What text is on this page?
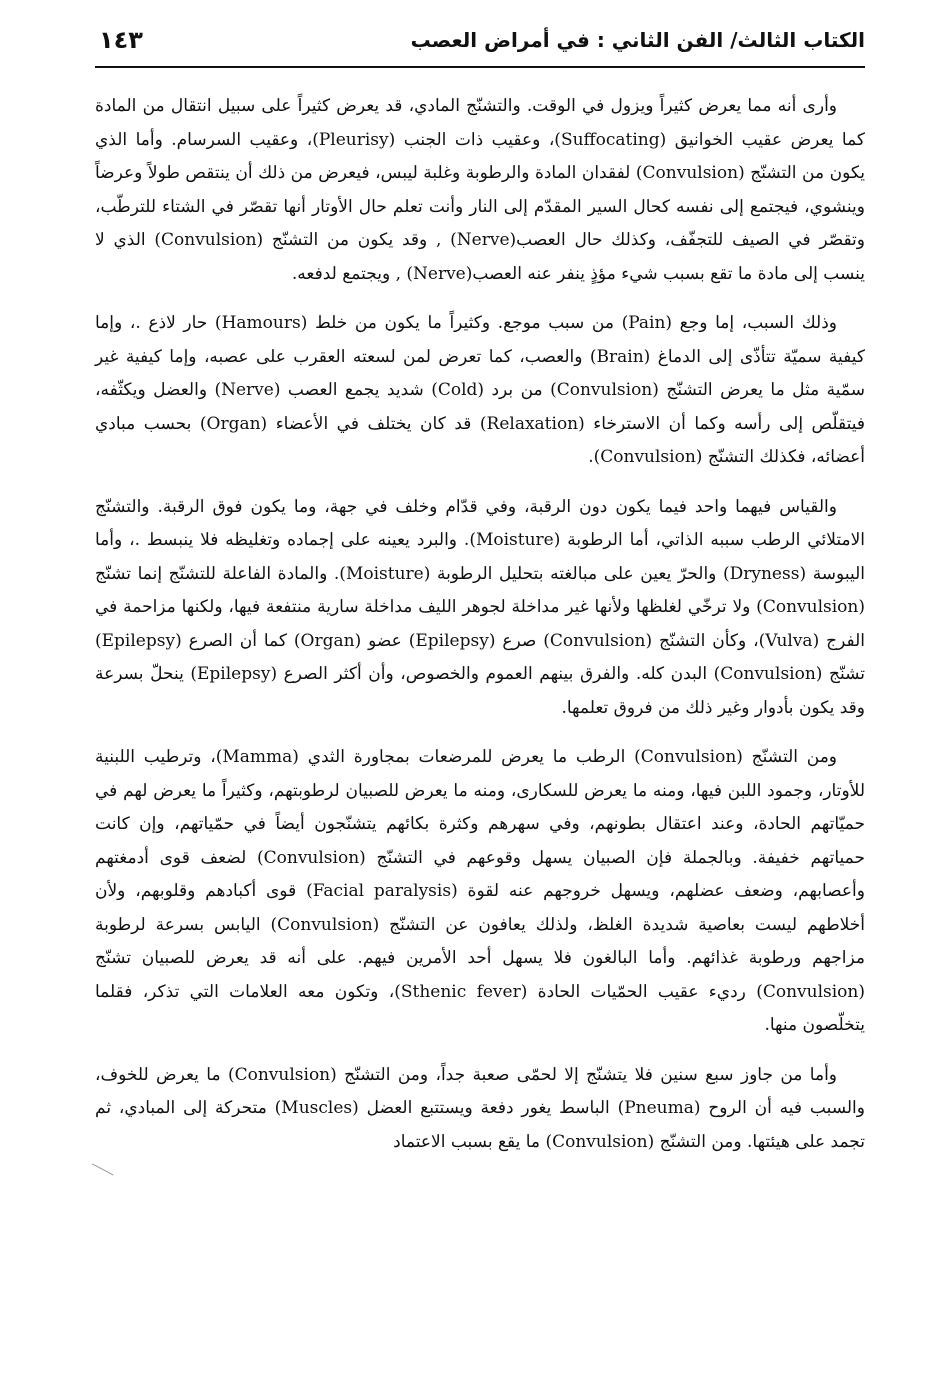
الكتاب الثالث/ الفن الثاني : في أمراض العصب
١٤٣

وأرى أنه مما يعرض كثيراً ويزول في الوقت. والتشنّج المادي، قد يعرض كثيراً على سبيل انتقال من المادة كما يعرض عقيب الخوانيق (Suffocating)، وعقيب ذات الجنب (Pleurisy)، وعقيب السرسام. وأما الذي يكون من التشنّج (Convulsion) لفقدان المادة والرطوبة وغلبة ليبس، فيعرض من ذلك أن ينتقص طولاً وعرضاً وينشوي، فيجتمع إلى نفسه كحال السير المقدّم إلى النار وأنت تعلم حال الأوتار أنها تقصّر في الشتاء للترطّب، وتقصّر في الصيف للتجفّف، وكذلك حال العصب(Nerve) , وقد يكون من التشنّج (Convulsion) الذي لا ينسب إلى مادة ما تقع بسبب شيء مؤذٍ ينفر عنه العصب(Nerve) , ويجتمع لدفعه.

وذلك السبب، إما وجع (Pain) من سبب موجع. وكثيراً ما يكون من خلط (Hamours) حار لاذع .، وإما كيفية سميّة تتأذّى إلى الدماغ (Brain) والعصب، كما تعرض لمن لسعته العقرب على عصبه، وإما كيفية غير سمّية مثل ما يعرض التشنّج (Convulsion) من برد (Cold) شديد يجمع العصب (Nerve) والعضل ويكثّفه، فيتقلّص إلى رأسه وكما أن الاسترخاء (Relaxation) قد كان يختلف في الأعضاء (Organ) بحسب مبادي أعضائه، فكذلك التشنّج (Convulsion).

والقياس فيهما واحد فيما يكون دون الرقبة، وفي قدّام وخلف في جهة، وما يكون فوق الرقبة. والتشنّج الامتلائي الرطب سببه الذاتي، أما الرطوبة (Moisture). والبرد يعينه على إجماده وتغليظه فلا ينبسط .، وأما اليبوسة (Dryness) والحرّ يعين على مبالغته بتحليل الرطوبة (Moisture). والمادة الفاعلة للتشنّج إنما تشنّج (Convulsion) ولا ترخّي لغلظها ولأنها غير مداخلة لجوهر الليف مداخلة سارية منتفعة فيها، ولكنها مزاحمة في الفرج (Vulva)، وكأن التشنّج (Convulsion) صرع (Epilepsy) عضو (Organ) كما أن الصرع (Epilepsy) تشنّج (Convulsion) البدن كله. والفرق بينهم العموم والخصوص، وأن أكثر الصرع (Epilepsy) ينحلّ بسرعة وقد يكون بأدوار وغير ذلك من فروق تعلمها.

ومن التشنّج (Convulsion) الرطب ما يعرض للمرضعات بمجاورة الثدي (Mamma)، وترطيب اللبنية للأوتار، وجمود اللبن فيها، ومنه ما يعرض للسكارى، ومنه ما يعرض للصبيان لرطوبتهم، وكثيراً ما يعرض لهم في حميّاتهم الحادة، وعند اعتقال بطونهم، وفي سهرهم وكثرة بكائهم يتشنّجون أيضاً في حمّياتهم، وإن كانت حمياتهم خفيفة. وبالجملة فإن الصبيان يسهل وقوعهم في التشنّج (Convulsion) لضعف قوى أدمغتهم وأعصابهم، وضعف عضلهم، ويسهل خروجهم عنه لقوة (Facial paralysis) قوى أكبادهم وقلوبهم، ولأن أخلاطهم ليست بعاصية شديدة الغلظ، ولذلك يعافون عن التشنّج (Convulsion) اليابس بسرعة لرطوبة مزاجهم ورطوبة غذائهم. وأما البالغون فلا يسهل أحد الأمرين فيهم. على أنه قد يعرض للصبيان تشنّج (Convulsion) رديء عقيب الحمّيات الحادة (Sthenic fever)، وتكون معه العلامات التي تذكر، فقلما يتخلّصون منها.

وأما من جاوز سبع سنين فلا يتشنّج إلا لحمّى صعبة جداً، ومن التشنّج (Convulsion) ما يعرض للخوف، والسبب فيه أن الروح (Pneuma) الباسط يغور دفعة ويستتبع العضل (Muscles) متحركة إلى المبادي، ثم تجمد على هيئتها. ومن التشنّج (Convulsion) ما يقع بسبب الاعتماد
